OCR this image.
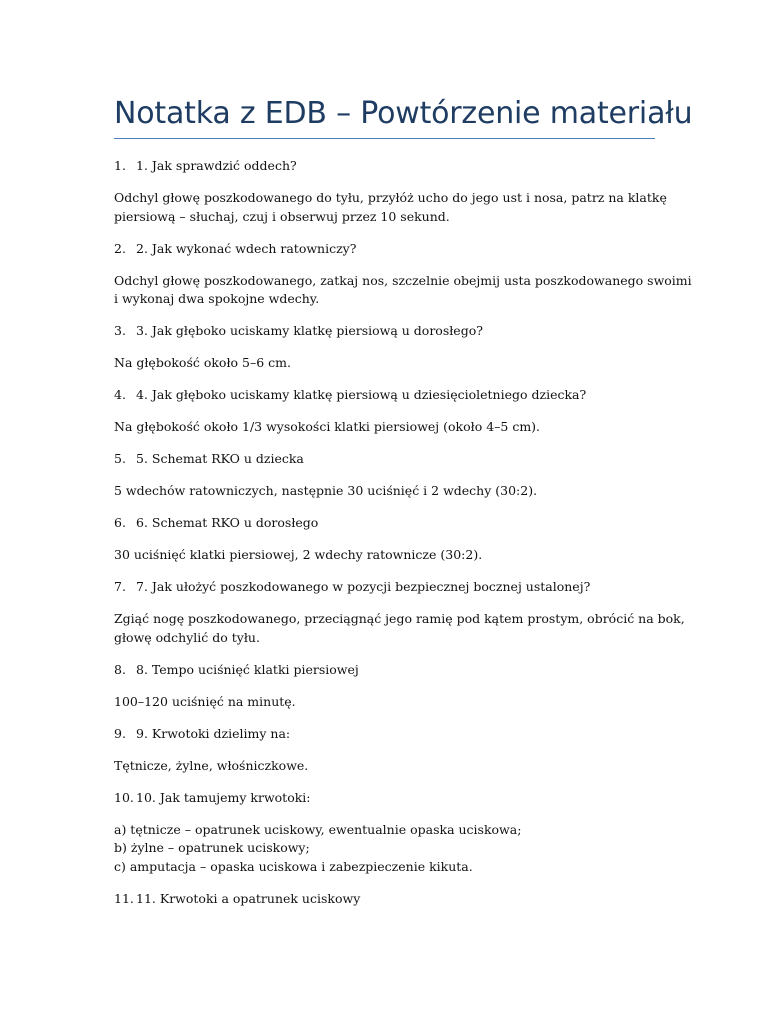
Notatka z EDB – Powtórzenie materiału
1. 1. Jak sprawdzić oddech?

Odchyl głowę poszkodowanego do tyłu, przyłóż ucho do jego ust i nosa, patrz na klatkę
piersiową – słuchaj, czuj i obserwuj przez 10 sekund.

2. 2. Jak wykonać wdech ratowniczy?

Odchyl głowę poszkodowanego, zatkaj nos, szczelnie obejmij usta poszkodowanego swoimi
i wykonaj dwa spokojne wdechy.

3. 3. Jak głęboko uciskamy klatkę piersiową u dorosłego?

Na głębokość około 5–6 cm.

4. 4. Jak głęboko uciskamy klatkę piersiową u dziesięcioletniego dziecka?

Na głębokość około 1/3 wysokości klatki piersiowej (około 4–5 cm).

5. 5. Schemat RKO u dziecka

5 wdechów ratowniczych, następnie 30 uciśnięć i 2 wdechy (30:2).

6. 6. Schemat RKO u dorosłego

30 uciśnięć klatki piersiowej, 2 wdechy ratownicze (30:2).

7. 7. Jak ułożyć poszkodowanego w pozycji bezpiecznej bocznej ustalonej?

Zgiąć nogę poszkodowanego, przeciągnąć jego ramię pod kątem prostym, obrócić na bok,
głowę odchylić do tyłu.

8. 8. Tempo uciśnięć klatki piersiowej

100–120 uciśnięć na minutę.

9. 9. Krwotoki dzielimy na:

Tętnicze, żylne, włośniczkowe.

10. 10. Jak tamujemy krwotoki:

a) tętnicze – opatrunek uciskowy, ewentualnie opaska uciskowa;
b) żylne – opatrunek uciskowy;
c) amputacja – opaska uciskowa i zabezpieczenie kikuta.

11. 11. Krwotoki a opatrunek uciskowy
